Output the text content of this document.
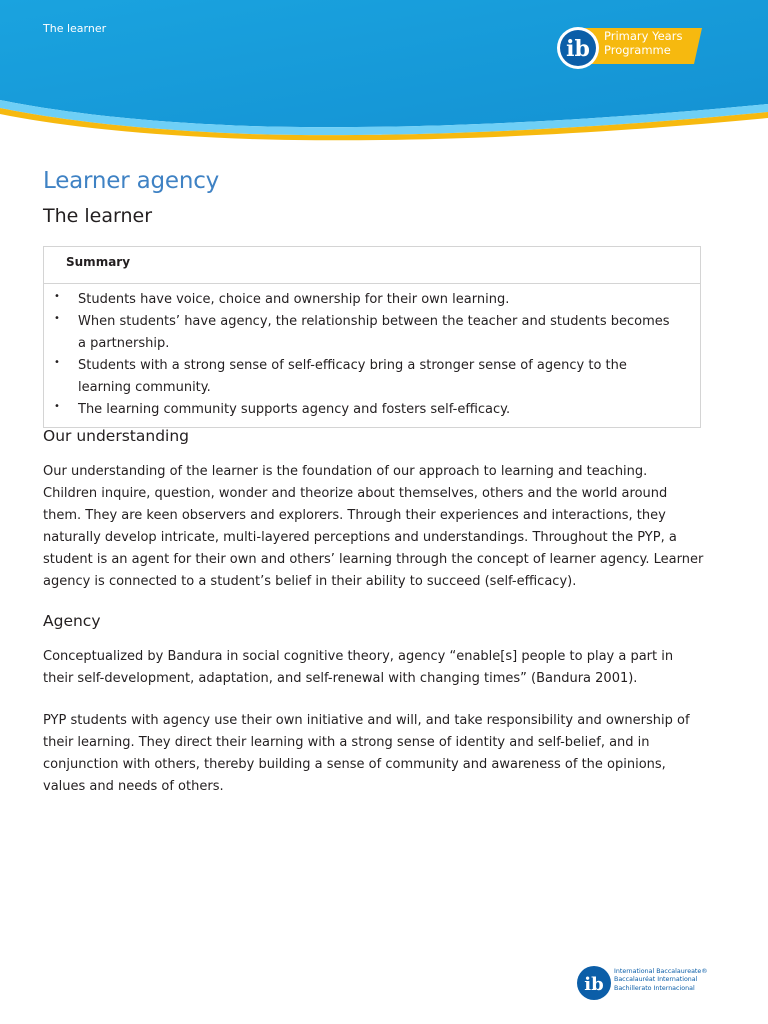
The learner
ib Primary Years
Programme
Learner agency
The learner
Summary
•	Students have voice, choice and ownership for their own learning.
•	When students’ have agency, the relationship between the teacher and students becomes a partnership.
•	Students with a strong sense of self-efficacy bring a stronger sense of agency to the learning community.
•	The learning community supports agency and fosters self-efficacy.
Our understanding

Our understanding of the learner is the foundation of our approach to learning and teaching. Children inquire, question, wonder and theorize about themselves, others and the world around them. They are keen observers and explorers. Through their experiences and interactions, they naturally develop intricate, multi-layered perceptions and understandings. Throughout the PYP, a student is an agent for their own and others’ learning through the concept of learner agency. Learner agency is connected to a student’s belief in their ability to succeed (self-efficacy).

Agency

Conceptualized by Bandura in social cognitive theory, agency “enable[s] people to play a part in their self-development, adaptation, and self-renewal with changing times” (Bandura 2001).

PYP students with agency use their own initiative and will, and take responsibility and ownership of their learning. They direct their learning with a strong sense of identity and self-belief, and in conjunction with others, thereby building a sense of community and awareness of the opinions, values and needs of others.

ib
International Baccalaureate®
Baccalauréat International
Bachillerato Internacional
